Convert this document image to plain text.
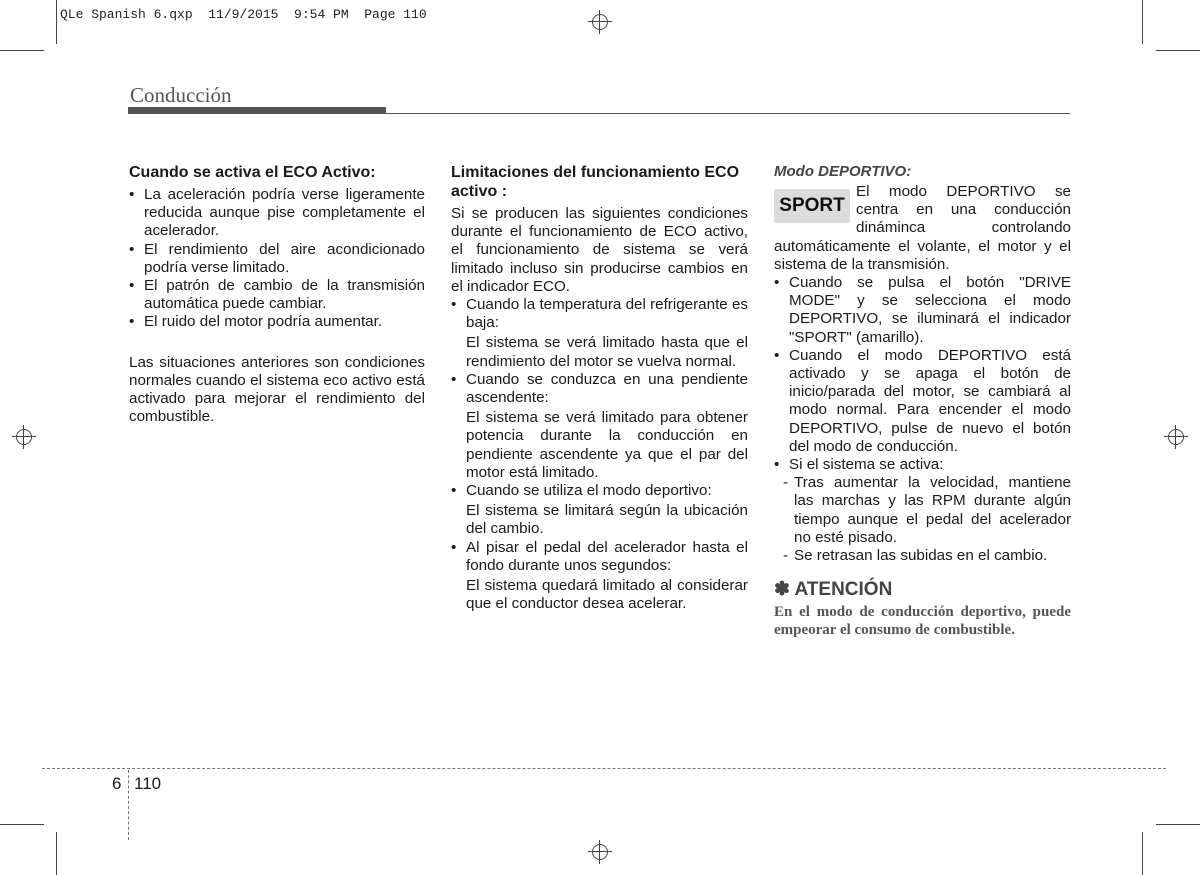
QLe Spanish 6.qxp  11/9/2015  9:54 PM  Page 110
Conducción
Cuando se activa el ECO Activo:
• La aceleración podría verse ligeramente reducida aunque pise completamente el acelerador.
• El rendimiento del aire acondicionado podría verse limitado.
• El patrón de cambio de la transmisión automática puede cambiar.
• El ruido del motor podría aumentar.

Las situaciones anteriores son condiciones normales cuando el sistema eco activo está activado para mejorar el rendimiento del combustible.

Limitaciones del funcionamiento ECO activo :

Si se producen las siguientes condiciones durante el funcionamiento de ECO activo, el funcionamiento de sistema se verá limitado incluso sin producirse cambios en el indicador ECO.

• Cuando la temperatura del refrigerante es baja:
El sistema se verá limitado hasta que el rendimiento del motor se vuelva normal.
• Cuando se conduzca en una pendiente ascendente:
El sistema se verá limitado para obtener potencia durante la conducción en pendiente ascendente ya que el par del motor está limitado.
• Cuando se utiliza el modo deportivo:
El sistema se limitará según la ubicación del cambio.
• Al pisar el pedal del acelerador hasta el fondo durante unos segundos:
El sistema quedará limitado al considerar que el conductor desea acelerar.
Modo DEPORTIVO:
SPORT

El modo DEPORTIVO se centra en una conducción dináminca controlando automáticamente el volante, el motor y el sistema de la transmisión.

• Cuando se pulsa el botón "DRIVE MODE" y se selecciona el modo DEPORTIVO, se iluminará el indicador "SPORT" (amarillo).
• Cuando el modo DEPORTIVO está activado y se apaga el botón de inicio/parada del motor, se cambiará al modo normal. Para encender el modo DEPORTIVO, pulse de nuevo el botón del modo de conducción.
• Si el sistema se activa:
- Tras aumentar la velocidad, mantiene las marchas y las RPM durante algún tiempo aunque el pedal del acelerador no esté pisado.
- Se retrasan las subidas en el cambio.
✽ ATENCIÓN
En el modo de conducción deportivo, puede empeorar el consumo de combustible.
6 110
